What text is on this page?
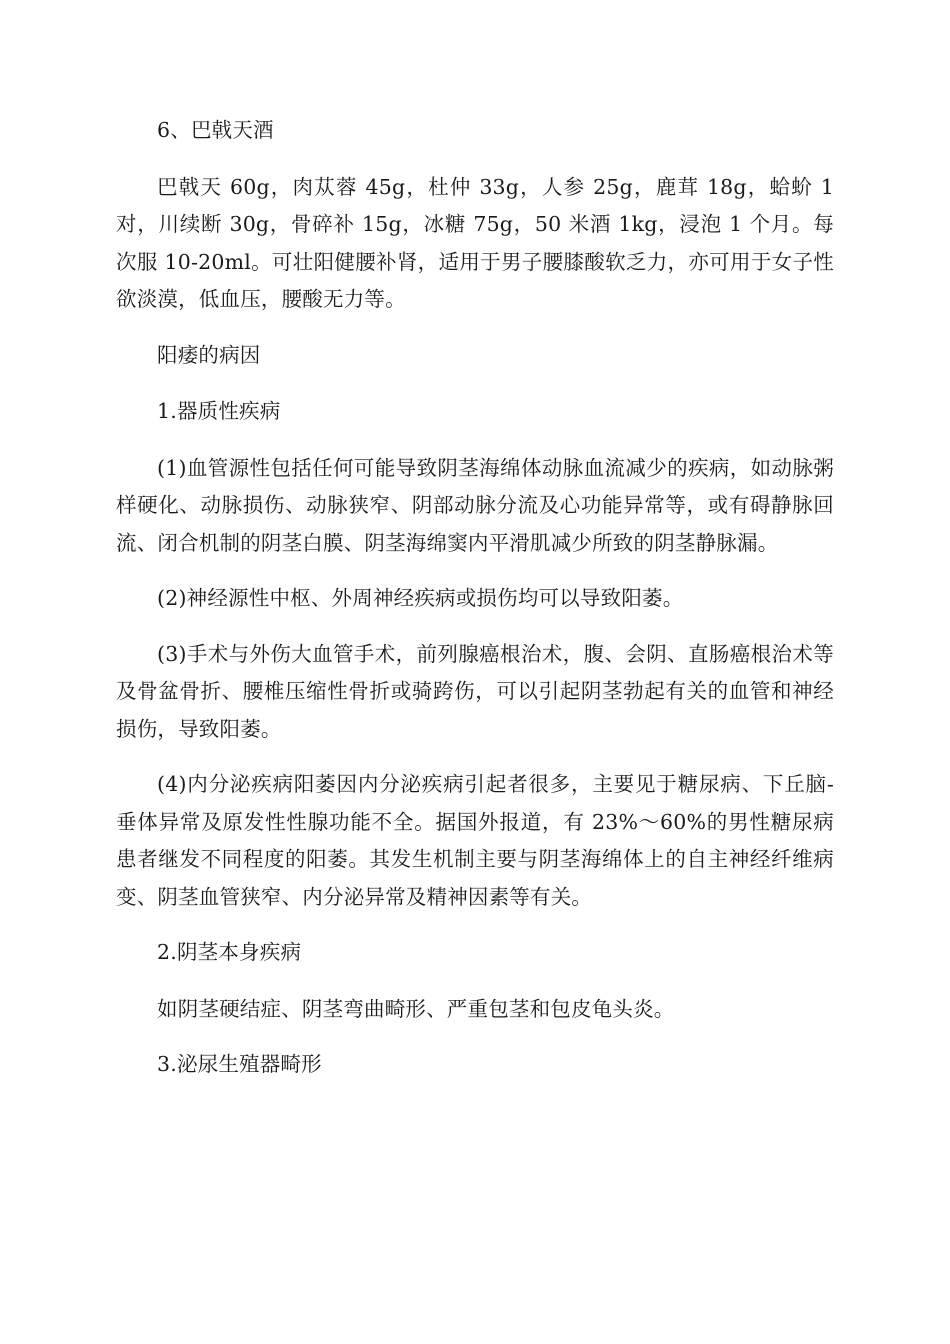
6、巴戟天酒

巴戟天 60g，肉苁蓉 45g，杜仲 33g，人参 25g，鹿茸 18g，蛤蚧 1 对，川续断 30g，骨碎补 15g，冰糖 75g，50 米酒 1kg，浸泡 1 个月。每次服 10-20ml。可壮阳健腰补肾，适用于男子腰膝酸软乏力，亦可用于女子性欲淡漠，低血压，腰酸无力等。

阳痿的病因

1.器质性疾病

(1)血管源性包括任何可能导致阴茎海绵体动脉血流减少的疾病，如动脉粥样硬化、动脉损伤、动脉狭窄、阴部动脉分流及心功能异常等，或有碍静脉回流、闭合机制的阴茎白膜、阴茎海绵窦内平滑肌减少所致的阴茎静脉漏。

(2)神经源性中枢、外周神经疾病或损伤均可以导致阳萎。

(3)手术与外伤大血管手术，前列腺癌根治术，腹、会阴、直肠癌根治术等及骨盆骨折、腰椎压缩性骨折或骑跨伤，可以引起阴茎勃起有关的血管和神经损伤，导致阳萎。

(4)内分泌疾病阳萎因内分泌疾病引起者很多，主要见于糖尿病、下丘脑-垂体异常及原发性性腺功能不全。据国外报道，有 23%～60%的男性糖尿病患者继发不同程度的阳萎。其发生机制主要与阴茎海绵体上的自主神经纤维病变、阴茎血管狭窄、内分泌异常及精神因素等有关。

2.阴茎本身疾病

如阴茎硬结症、阴茎弯曲畸形、严重包茎和包皮龟头炎。

3.泌尿生殖器畸形
